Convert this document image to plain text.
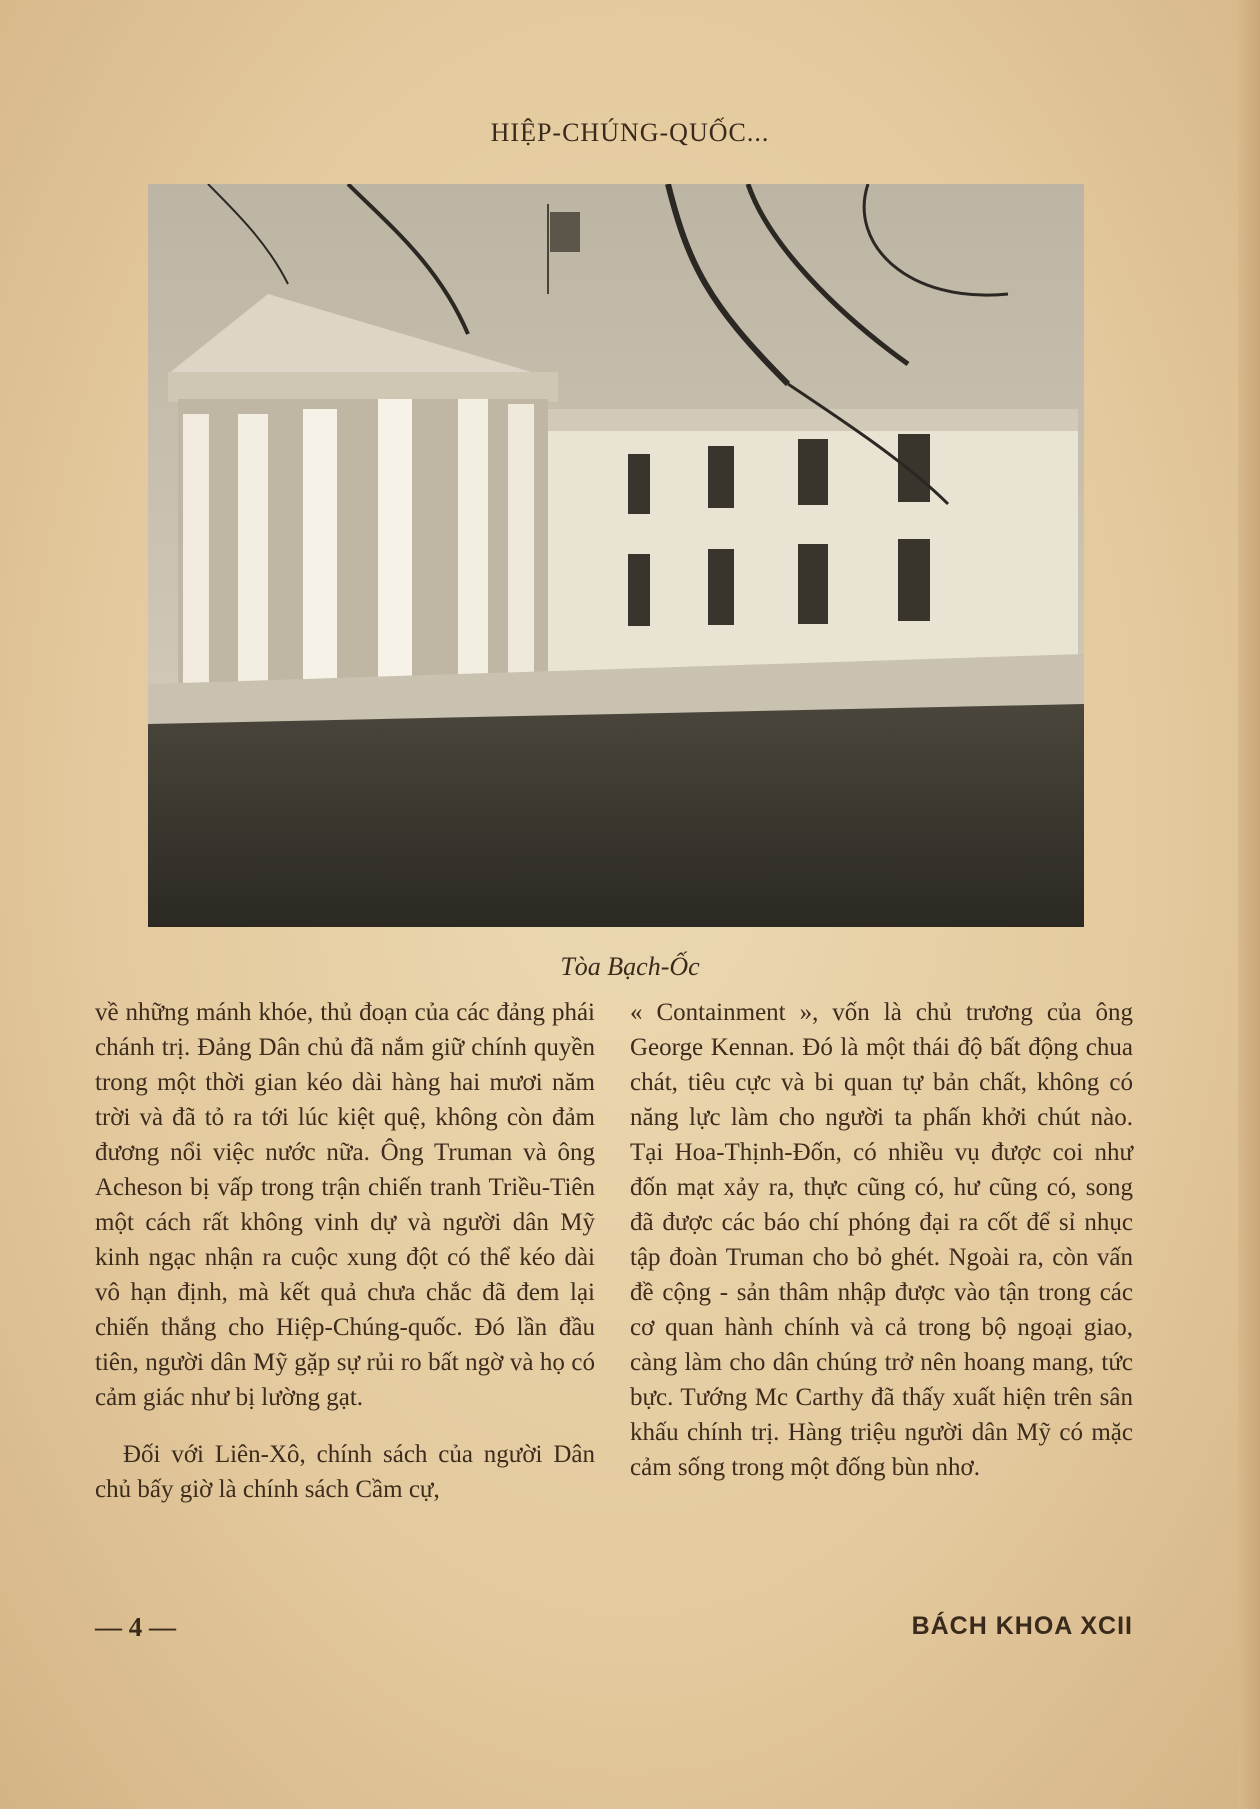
HIỆP-CHÚNG-QUỐC...
Tòa Bạch-Ốc

về những mánh khóe, thủ đoạn của các đảng phái chánh trị. Đảng Dân chủ đã nắm giữ chính quyền trong một thời gian kéo dài hàng hai mươi năm trời và đã tỏ ra tới lúc kiệt quệ, không còn đảm đương nổi việc nước nữa. Ông Truman và ông Acheson bị vấp trong trận chiến tranh Triều-Tiên một cách rất không vinh dự và người dân Mỹ kinh ngạc nhận ra cuộc xung đột có thể kéo dài vô hạn định, mà kết quả chưa chắc đã đem lại chiến thắng cho Hiệp-Chúng-quốc. Đó lần đầu tiên, người dân Mỹ gặp sự rủi ro bất ngờ và họ có cảm giác như bị lường gạt.

Đối với Liên-Xô, chính sách của người Dân chủ bấy giờ là chính sách Cầm cự,

« Containment », vốn là chủ trương của ông George Kennan. Đó là một thái độ bất động chua chát, tiêu cực và bi quan tự bản chất, không có năng lực làm cho người ta phấn khởi chút nào. Tại Hoa-Thịnh-Đốn, có nhiều vụ được coi như đốn mạt xảy ra, thực cũng có, hư cũng có, song đã được các báo chí phóng đại ra cốt để sỉ nhục tập đoàn Truman cho bỏ ghét. Ngoài ra, còn vấn đề cộng - sản thâm nhập được vào tận trong các cơ quan hành chính và cả trong bộ ngoại giao, càng làm cho dân chúng trở nên hoang mang, tức bực. Tướng Mc Carthy đã thấy xuất hiện trên sân khấu chính trị. Hàng triệu người dân Mỹ có mặc cảm sống trong một đống bùn nhơ.

— 4 —	BÁCH KHOA XCII
